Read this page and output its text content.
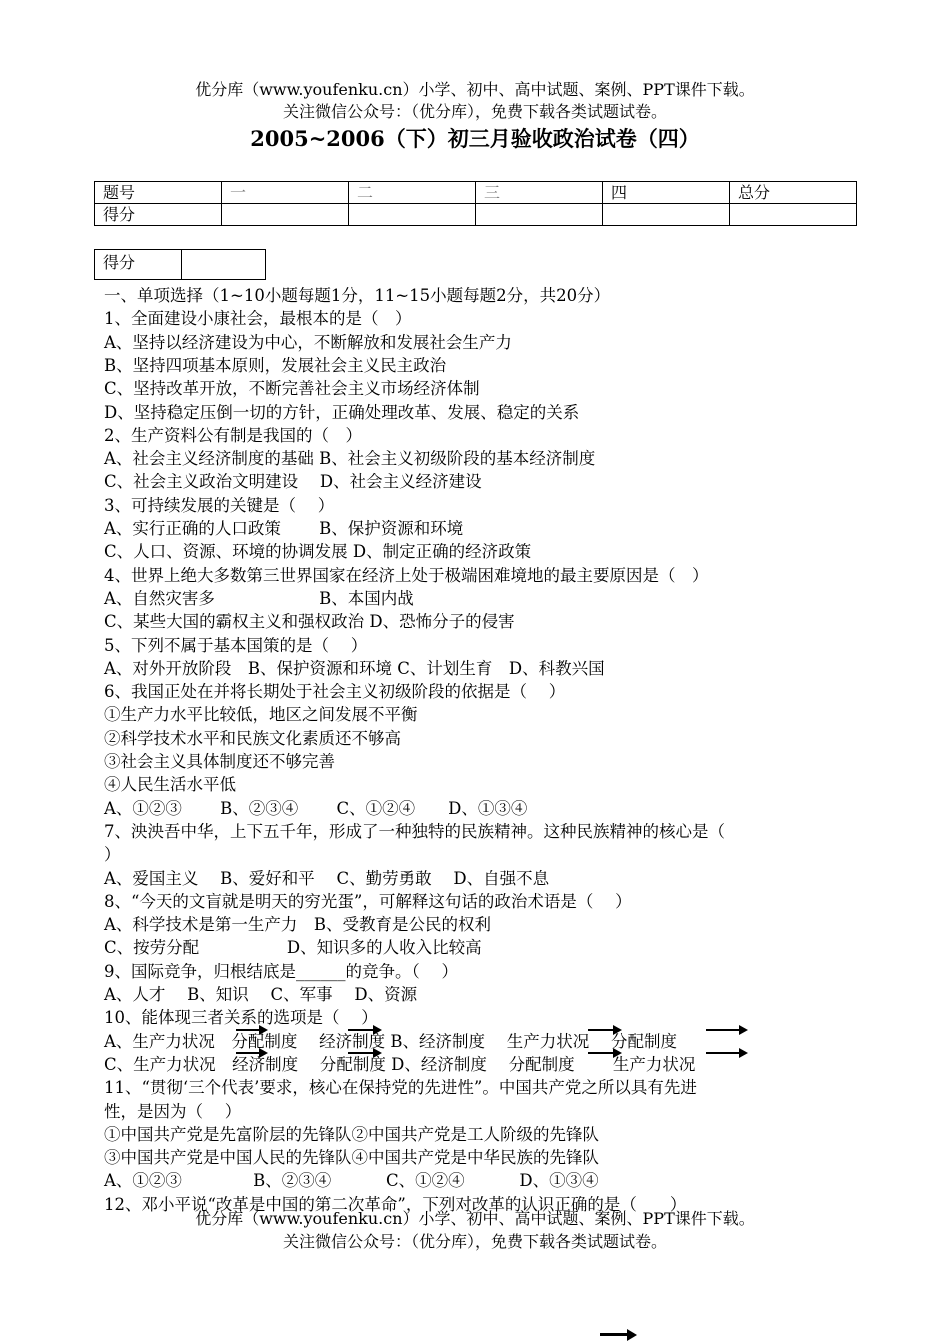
优分库（www.youfenku.cn）小学、初中、高中试题、案例、PPT课件下载。
关注微信公众号：（优分库），免费下载各类试题试卷。
2005~2006（下）初三月验收政治试卷（四）
题号	一	二	三	四	总分
得分					
得分	
一、单项选择（1~10小题每题1分，11~15小题每题2分，共20分）
1、全面建设小康社会，最根本的是（　）
A、坚持以经济建设为中心，不断解放和发展社会生产力
B、坚持四项基本原则，发展社会主义民主政治
C、坚持改革开放，不断完善社会主义市场经济体制
D、坚持稳定压倒一切的方针，正确处理改革、发展、稳定的关系
2、生产资料公有制是我国的（　）
A、社会主义经济制度的基础 B、社会主义初级阶段的基本经济制度
C、社会主义政治文明建设　 D、社会主义经济建设
3、可持续发展的关键是（　 ）
A、实行正确的人口政策　　 B、保护资源和环境
C、人口、资源、环境的协调发展 D、制定正确的经济政策
4、世界上绝大多数第三世界国家在经济上处于极端困难境地的最主要原因是（　）
A、自然灾害多　　　　　　 B、本国内战
C、某些大国的霸权主义和强权政治 D、恐怖分子的侵害
5、下列不属于基本国策的是（　 ）
A、对外开放阶段　B、保护资源和环境 C、计划生育　D、科教兴国
6、我国正处在并将长期处于社会主义初级阶段的依据是（　 ）
①生产力水平比较低，地区之间发展不平衡
②科学技术水平和民族文化素质还不够高
③社会主义具体制度还不够完善
④人民生活水平低
A、①②③　　 B、②③④　　 C、①②④　　D、①③④
7、泱泱吾中华，上下五千年，形成了一种独特的民族精神。这种民族精神的核心是（
）
A、爱国主义　 B、爱好和平　 C、勤劳勇敢　 D、自强不息
8、“今天的文盲就是明天的穷光蛋”，可解释这句话的政治术语是（　 ）
A、科学技术是第一生产力　B、受教育是公民的权利
C、按劳分配　　　　　 D、知识多的人收入比较高
9、国际竞争，归根结底是______的竞争。（　 ）
A、人才　 B、知识　 C、军事　 D、资源
10、能体现三者关系的选项是（　 ）
A、生产力状况　分配制度　 经济制度 B、经济制度　 生产力状况　 分配制度
C、生产力状况　经济制度　 分配制度 D、经济制度　 分配制度　　 生产力状况
11、“贯彻‘三个代表’要求，核心在保持党的先进性”。中国共产党之所以具有先进
性，是因为（　 ）
①中国共产党是先富阶层的先锋队②中国共产党是工人阶级的先锋队
③中国共产党是中国人民的先锋队④中国共产党是中华民族的先锋队
A、①②③　　　　 B、②③④　　　 C、①②④　　　 D、①③④
12、邓小平说“改革是中国的第二次革命”，下列对改革的认识正确的是（　　）
优分库（www.youfenku.cn）小学、初中、高中试题、案例、PPT课件下载。
关注微信公众号：（优分库），免费下载各类试题试卷。
